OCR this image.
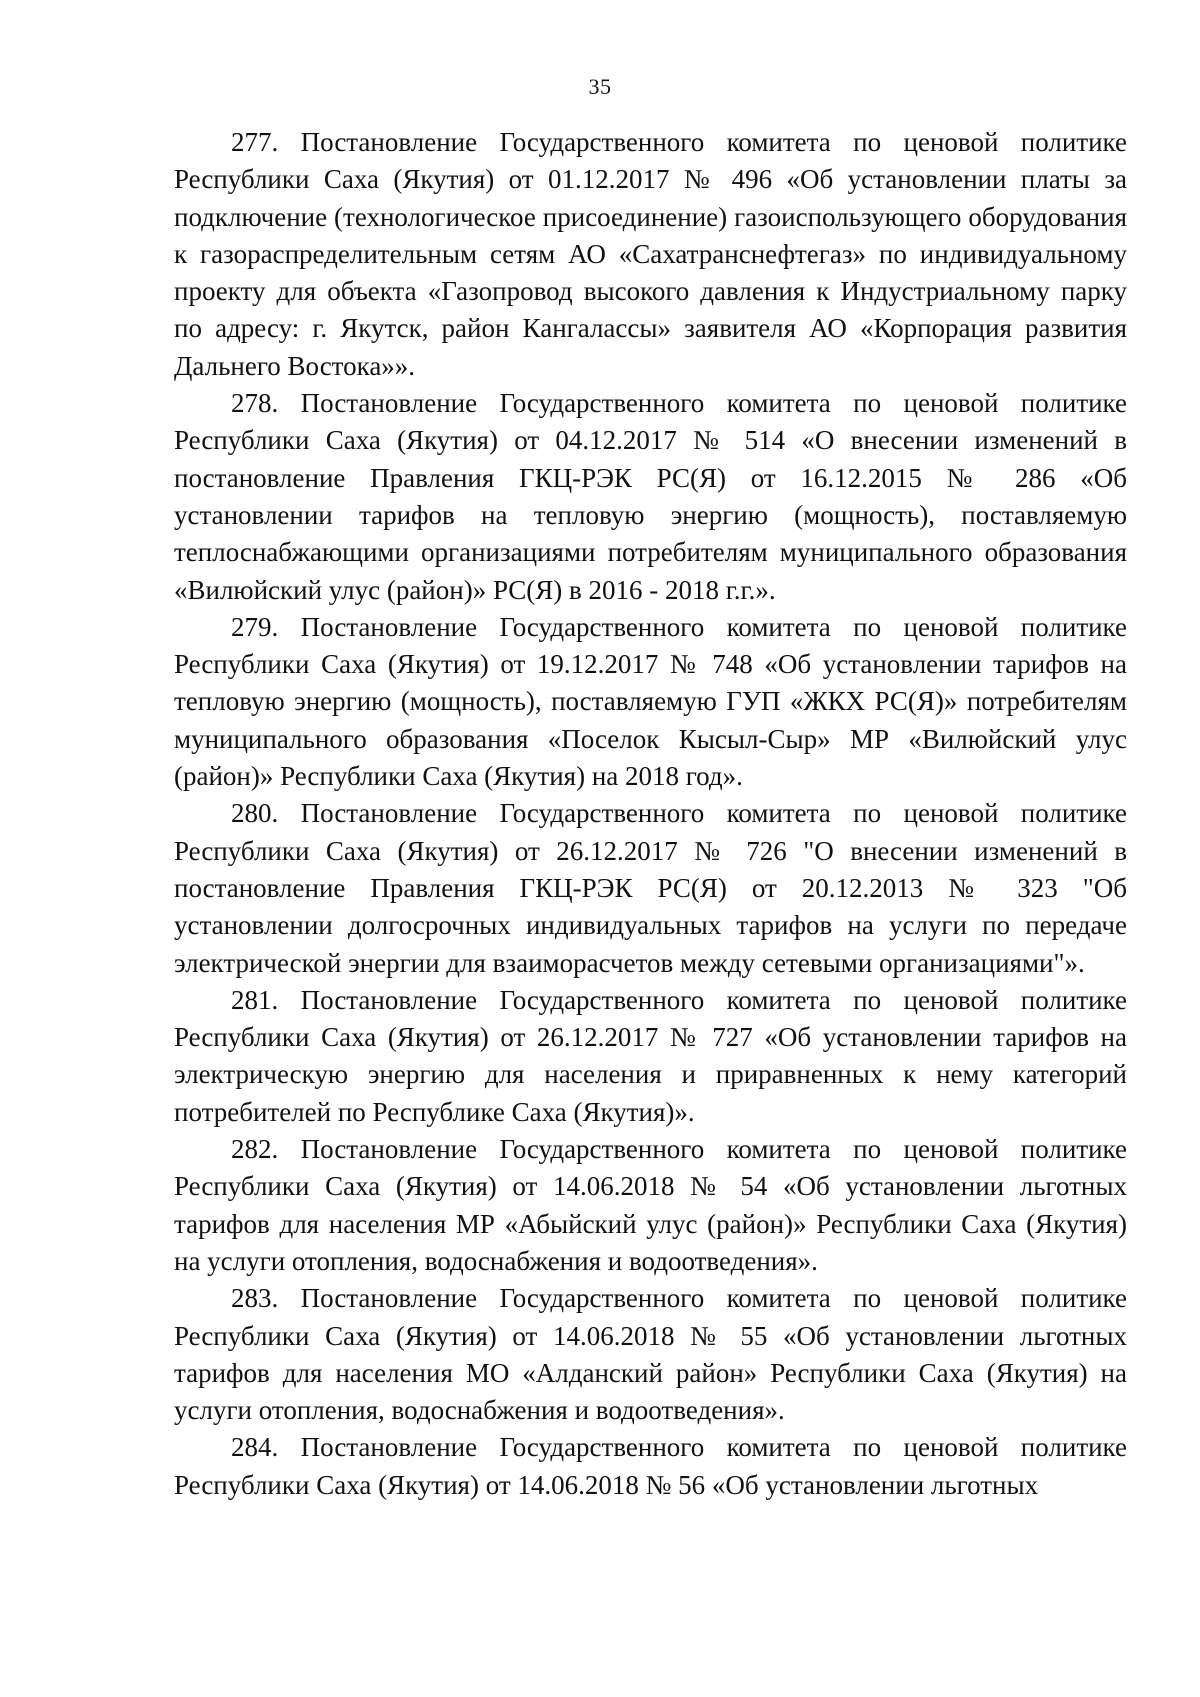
35

277. Постановление Государственного комитета по ценовой политике Республики Саха (Якутия) от 01.12.2017 № 496 «Об установлении платы за подключение (технологическое присоединение) газоиспользующего оборудования к газораспределительным сетям АО «Сахатранснефтегаз» по индивидуальному проекту для объекта «Газопровод высокого давления к Индустриальному парку по адресу: г. Якутск, район Кангалассы» заявителя АО «Корпорация развития Дальнего Востока»».

278. Постановление Государственного комитета по ценовой политике Республики Саха (Якутия) от 04.12.2017 № 514 «О внесении изменений в постановление Правления ГКЦ-РЭК РС(Я) от 16.12.2015 № 286 «Об установлении тарифов на тепловую энергию (мощность), поставляемую теплоснабжающими организациями потребителям муниципального образования «Вилюйский улус (район)» РС(Я) в 2016 - 2018 г.г.».

279. Постановление Государственного комитета по ценовой политике Республики Саха (Якутия) от 19.12.2017 № 748 «Об установлении тарифов на тепловую энергию (мощность), поставляемую ГУП «ЖКХ РС(Я)» потребителям муниципального образования «Поселок Кысыл-Сыр» МР «Вилюйский улус (район)» Республики Саха (Якутия) на 2018 год».

280. Постановление Государственного комитета по ценовой политике Республики Саха (Якутия) от 26.12.2017 № 726 "О внесении изменений в постановление Правления ГКЦ-РЭК РС(Я) от 20.12.2013 № 323 "Об установлении долгосрочных индивидуальных тарифов на услуги по передаче электрической энергии для взаиморасчетов между сетевыми организациями"».

281. Постановление Государственного комитета по ценовой политике Республики Саха (Якутия) от 26.12.2017 № 727 «Об установлении тарифов на электрическую энергию для населения и приравненных к нему категорий потребителей по Республике Саха (Якутия)».

282. Постановление Государственного комитета по ценовой политике Республики Саха (Якутия) от 14.06.2018 № 54 «Об установлении льготных тарифов для населения МР «Абыйский улус (район)» Республики Саха (Якутия) на услуги отопления, водоснабжения и водоотведения».

283. Постановление Государственного комитета по ценовой политике Республики Саха (Якутия) от 14.06.2018 № 55 «Об установлении льготных тарифов для населения МО «Алданский район» Республики Саха (Якутия) на услуги отопления, водоснабжения и водоотведения».

284. Постановление Государственного комитета по ценовой политике Республики Саха (Якутия) от 14.06.2018 № 56 «Об установлении льготных
